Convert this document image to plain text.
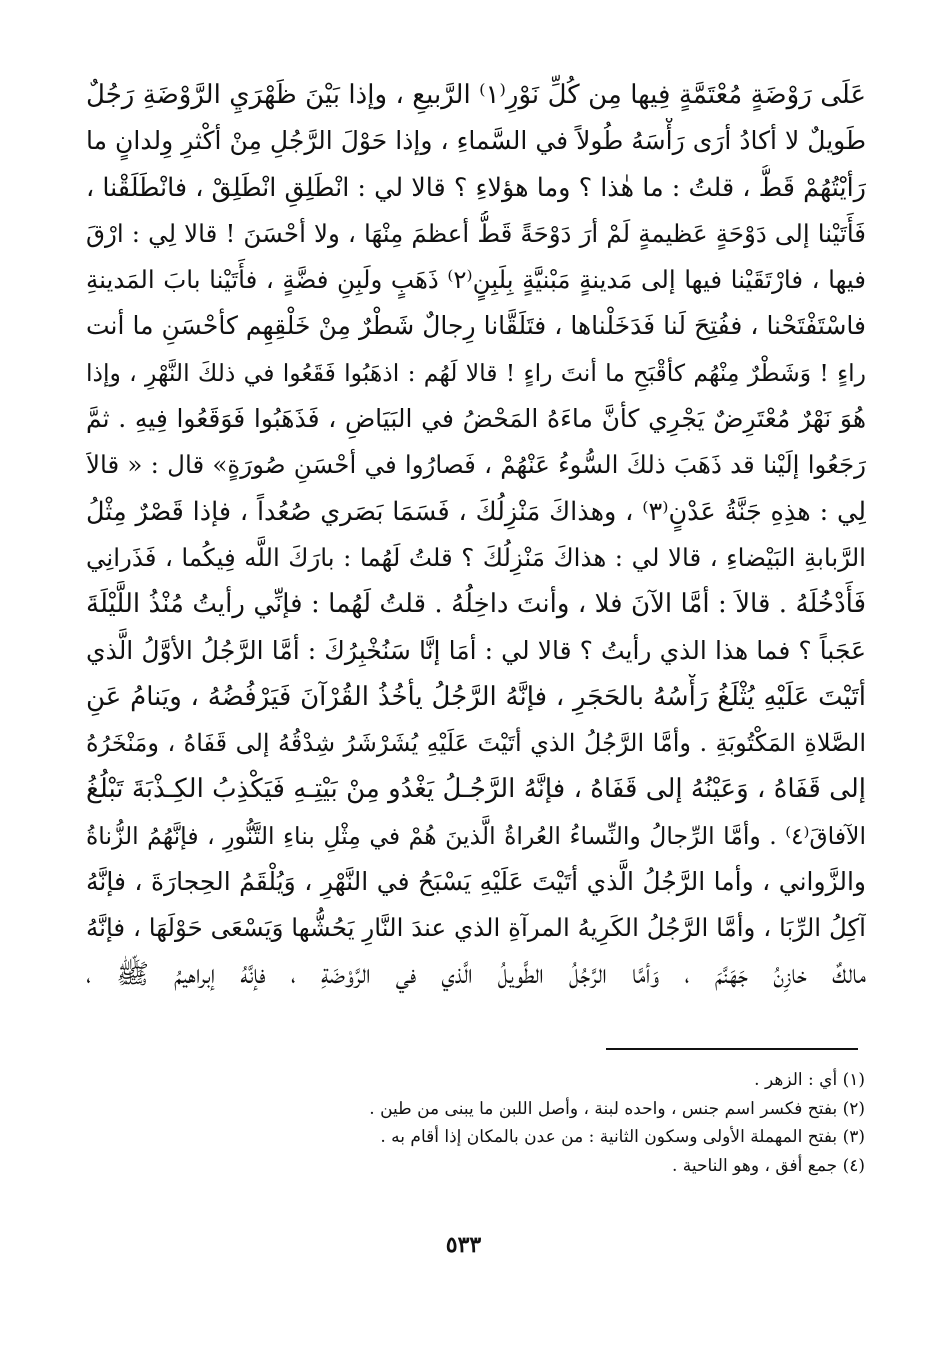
عَلَى رَوْضَةٍ مُعْتَمَّةٍ فِيها مِن كُلِّ نَوْرِ⁽١⁾ الرَّبيعِ ، وإذا بَيْنَ ظَهْرَيِ الرَّوْضَةِ رَجُلٌ
طَويلٌ لا أكادُ أرَى رَأْسَهُ طُولاً في السَّماءِ ، وإذا حَوْلَ الرَّجُلِ مِنْ أكْثرِ وِلدانٍ ما
رَأيْتُهُمْ قَطُّ ، قلتُ : ما هٰذا ؟ وما هؤلاءِ ؟ قالا لي : انْطَلِقِ انْطَلِقْ ، فانْطَلَقْنا ،
فَأَتَيْنا إلى دَوْحَةٍ عَظيمةٍ لَمْ أرَ دَوْحَةً قَطُّ أعظمَ مِنْهَا ، ولا أحْسَنَ ! قالا لِي : ارْقَ
فيها ، فارْتَقَيْنا فيها إلى مَدينةٍ مَبْنيَّةٍ بِلَبِنٍ⁽٢⁾ ذَهَبٍ ولَبِنِ فضَّةٍ ، فأَتَيْنا بابَ المَدينةِ
فاسْتَفْتَحْنا ، ففُتِحَ لَنا فَدَخَلْناها ، فتَلَقَّانا رِجالٌ شَطْرٌ مِنْ خَلْقِهِم كأحْسَنِ ما أنت
راءٍ ! وَشَطْرٌ مِنْهُم كأقْبَحِ ما أنتَ راءٍ ! قالا لَهُم : اذهَبُوا فَقَعُوا في ذلكَ النَّهْرِ ، وإذا
هُوَ نَهْرٌ مُعْتَرِضٌ يَجْرِي كأنَّ ماءَهُ المَحْضُ في البَيَاضِ ، فَذَهَبُوا فَوَقَعُوا فِيهِ . ثمَّ
رَجَعُوا إلَيْنا قد ذَهَبَ ذلكَ السُّوءُ عَنْهُمْ ، فَصارُوا في أحْسَنِ صُورَةٍ» قال : « قالاَ
لِي : هذِهِ جَنَّةُ عَدْنٍ⁽٣⁾ ، وهذاكَ مَنْزِلُكَ ، فَسَمَا بَصَري صُعُداً ، فإذا قَصْرٌ مِثْلُ
الرَّبابةِ البَيْضاءِ ، قالا لي : هذاكَ مَنْزِلُكَ ؟ قلتُ لَهُما : بارَكَ اللَّه فِيكُما ، فَذَرانِي
فَأَدْخُلَهُ . قالاَ : أمَّا الآنَ فلا ، وأنتَ داخِلُهُ . قلتُ لَهُما : فإنِّي رأيتُ مُنْذُ اللَّيْلَةَ
عَجَباً ؟ فما هذا الذي رأيتُ ؟ قالا لي : أمَا إنَّا سَنُخْبِرُكَ : أمَّا الرَّجُلُ الأوَّلُ الَّذي
أتَيْتَ عَلَيْهِ يُثْلَغُ رَأْسُهُ بالحَجَرِ ، فإنَّهُ الرَّجُلُ يأخُذُ القُرْآنَ فَيَرْفُضُهُ ، ويَنامُ عَنِ
الصَّلاةِ المَكْتُوبَةِ . وأمَّا الرَّجُلُ الذي أتَيْتَ عَلَيْهِ يُشَرْشَرُ شِدْقُهُ إلى قَفَاهُ ، ومَنْخَرُهُ
إلى قَفَاهُ ، وَعَيْنُهُ إلى قَفَاهُ ، فإنَّهُ الرَّجُـلُ يَغْدُو مِنْ بَيْتِـهِ فَيَكْذِبُ الكِـذْبَةَ تَبْلُغُ
الآفاقَ⁽٤⁾ . وأمَّا الرِّجالُ والنِّساءُ العُراةُ الَّذينَ هُمْ في مِثْلِ بناءِ التَّنُّورِ ، فإنَّهُمُ الزُّناةُ
والزَّواني ، وأما الرَّجُلُ الَّذي أتَيْتَ عَلَيْهِ يَسْبَحُ في النَّهْرِ ، وَيُلْقَمُ الحِجارَةَ ، فإنَّهُ
آكِلُ الرِّبَا ، وأمَّا الرَّجُلُ الكَرِيهُ المرآةِ الذي عندَ النَّارِ يَحُشُّها وَيَسْعَى حَوْلَهَا ، فإنَّهُ
مالكٌ خازِنُ جَهَنَّمَ ، وَأمَّا الرَّجُلُ الطَّويلُ الَّذي في الرَّوْضَةِ ، فإنَّهُ إبراهيمُ ﷺ ،
(١) أي : الزهر .
(٢) بفتح فكسر اسم جنس ، واحده لبنة ، وأصل اللبن ما يبنى من طين .
(٣) بفتح المهملة الأولى وسكون الثانية : من عدن بالمكان إذا أقام به .
(٤) جمع أفق ، وهو الناحية .
٥٣٣
